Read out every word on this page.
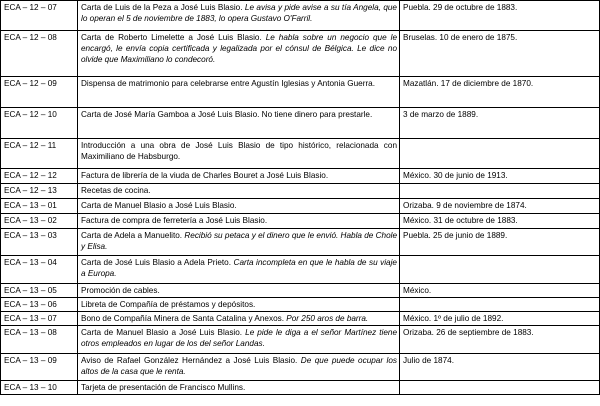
ECA – 12 – 07	Carta de Luis de la Peza a José Luis Blasio. Le avisa y pide avise a su tía Angela, que lo operan el 5 de noviembre de 1883, lo opera Gustavo O'Farril.	Puebla. 29 de octubre de 1883.
ECA – 12 – 08	Carta de Roberto Limelette a José Luis Blasio. Le habla sobre un negocio que le encargó, le envía copia certificada y legalizada por el cónsul de Bélgica. Le dice no olvide que Maximiliano lo condecoró.	Bruselas. 10 de enero de 1875.
ECA – 12 – 09	Dispensa de matrimonio para celebrarse entre Agustín Iglesias y Antonia Guerra.	Mazatlán. 17 de diciembre de 1870.
ECA – 12 – 10	Carta de José María Gamboa a José Luis Blasio. No tiene dinero para prestarle.	3 de marzo de 1889.
ECA – 12 – 11	Introducción a una obra de José Luis Blasio de tipo histórico, relacionada con Maximiliano de Habsburgo.	
ECA – 12 – 12	Factura de librería de la viuda de Charles Bouret a José Luis Blasio.	México. 30 de junio de 1913.
ECA – 12 – 13	Recetas de cocina.	
ECA – 13 – 01	Carta de Manuel Blasio a José Luis Blasio.	Orizaba. 9 de noviembre de 1874.
ECA – 13 – 02	Factura de compra de ferretería a José Luis Blasio.	México. 31 de octubre de 1883.
ECA – 13 – 03	Carta de Adela a Manuelito. Recibió su petaca y el dinero que le envió. Habla de Chole y Elisa.	Puebla. 25 de junio de 1889.
ECA – 13 – 04	Carta de José Luis Blasio a Adela Prieto. Carta incompleta en que le habla de su viaje a Europa.	
ECA – 13 – 05	Promoción de cables.	México.
ECA – 13 – 06	Libreta de Compañía de préstamos y depósitos.	
ECA – 13 – 07	Bono de Compañía Minera de Santa Catalina y Anexos. Por 250 aros de barra.	México. 1º de julio de 1892.
ECA – 13 – 08	Carta de Manuel Blasio a José Luis Blasio. Le pide le diga a el señor Martínez tiene otros empleados en lugar de los del señor Landas.	Orizaba. 26 de septiembre de 1883.
ECA – 13 – 09	Aviso de Rafael González Hernández a José Luis Blasio. De que puede ocupar los altos de la casa que le renta.	Julio de 1874.
ECA – 13 – 10	Tarjeta de presentación de Francisco Mullins.	
